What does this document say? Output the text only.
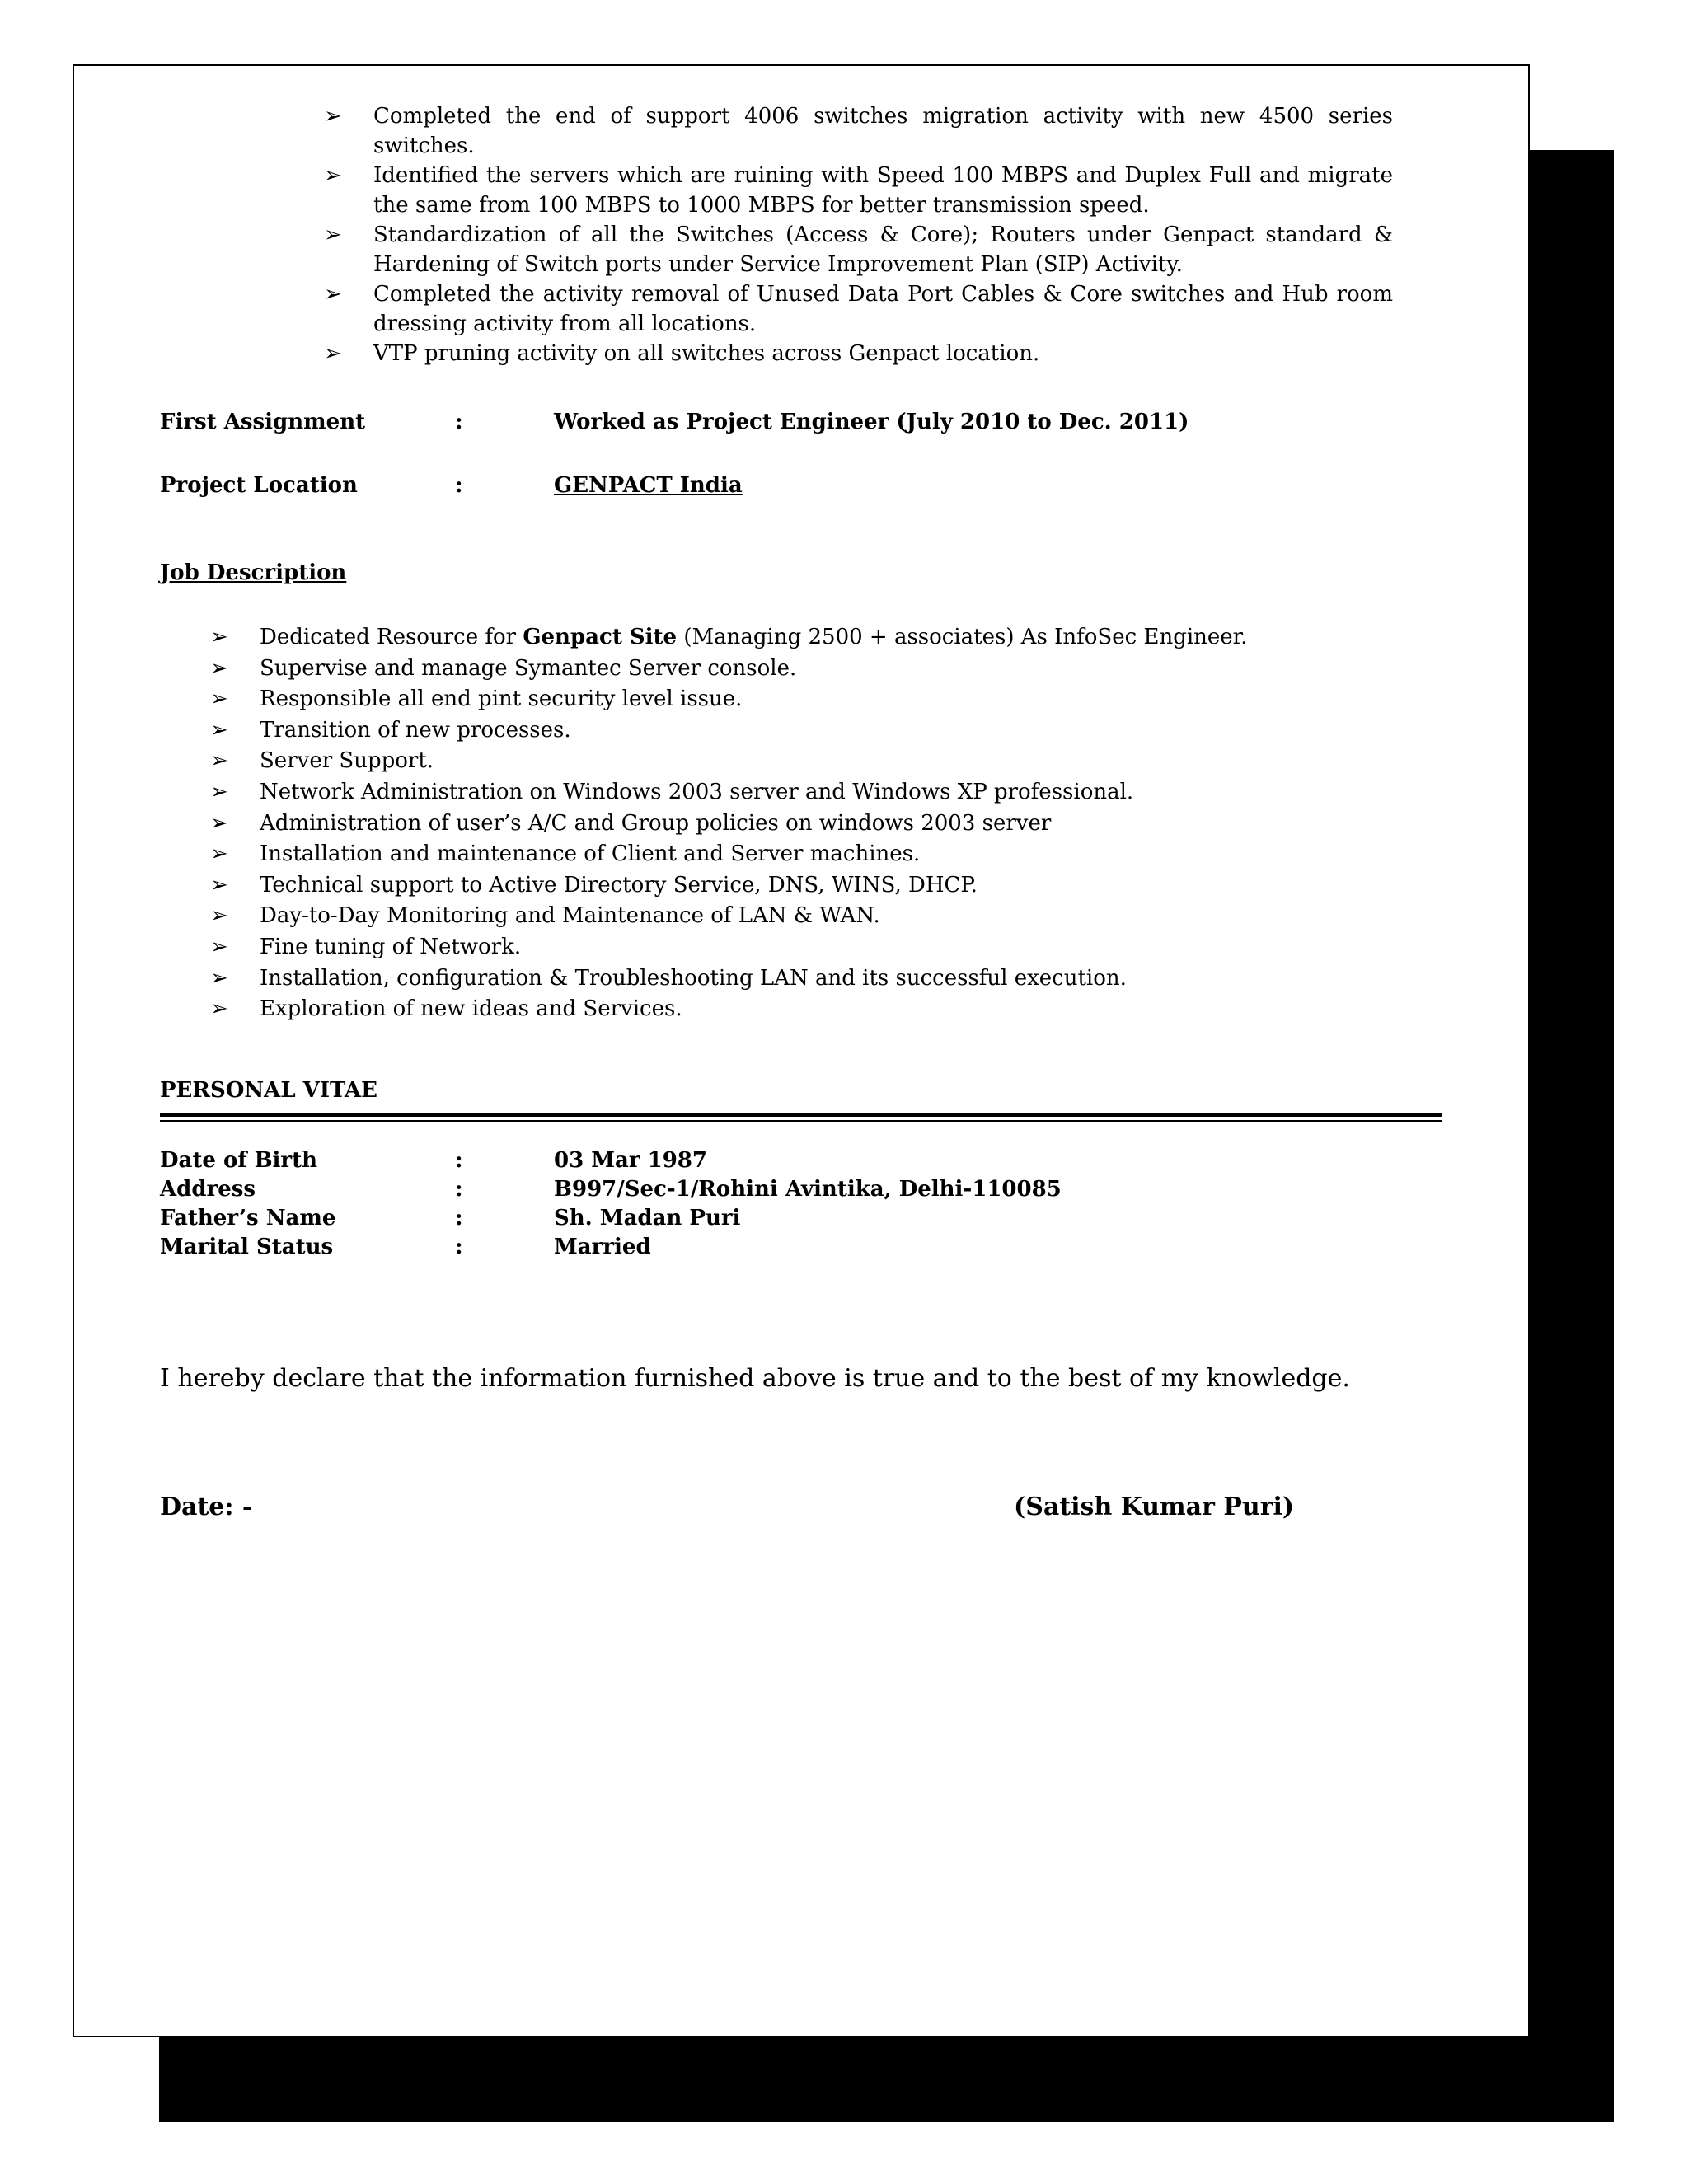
➢ Completed the end of support 4006 switches migration activity with new 4500 series switches.
➢ Identified the servers which are ruining with Speed 100 MBPS and Duplex Full and migrate the same from 100 MBPS to 1000 MBPS for better transmission speed.
➢ Standardization of all the Switches (Access & Core); Routers under Genpact standard & Hardening of Switch ports under Service Improvement Plan (SIP) Activity.
➢ Completed the activity removal of Unused Data Port Cables & Core switches and Hub room dressing activity from all locations.
➢ VTP pruning activity on all switches across Genpact location.
First Assignment	:	Worked as Project Engineer (July 2010 to Dec. 2011)
Project Location	:	GENPACT India
Job Description
➢ Dedicated Resource for Genpact Site (Managing 2500 + associates) As InfoSec Engineer.
➢ Supervise and manage Symantec Server console.
➢ Responsible all end pint security level issue.
➢ Transition of new processes.
➢ Server Support.
➢ Network Administration on Windows 2003 server and Windows XP professional.
➢ Administration of user’s A/C and Group policies on windows 2003 server
➢ Installation and maintenance of Client and Server machines.
➢ Technical support to Active Directory Service, DNS, WINS, DHCP.
➢ Day-to-Day Monitoring and Maintenance of LAN & WAN.
➢ Fine tuning of Network.
➢ Installation, configuration & Troubleshooting LAN and its successful execution.
➢ Exploration of new ideas and Services.
PERSONAL VITAE
Date of Birth	:	03 Mar 1987
Address	:	B997/Sec-1/Rohini Avintika, Delhi-110085
Father’s Name	:	Sh. Madan Puri
Marital Status	:	Married
I hereby declare that the information furnished above is true and to the best of my knowledge.
Date: -	(Satish Kumar Puri)
